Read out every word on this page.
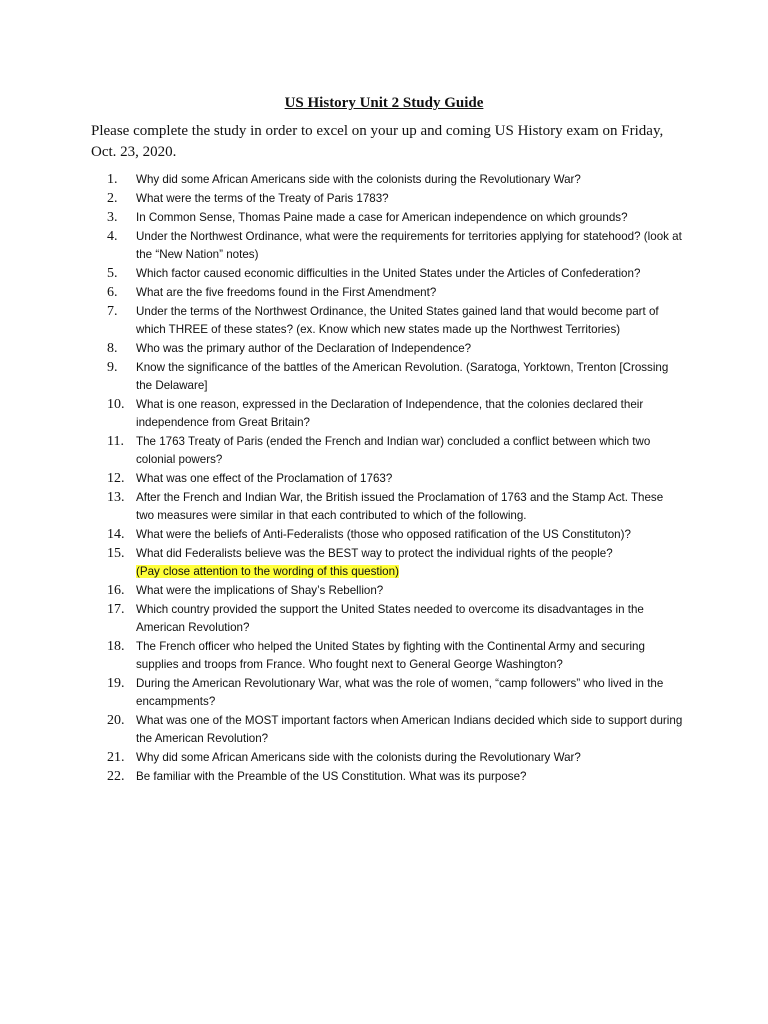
US History Unit 2 Study Guide
Please complete the study in order to excel on your up and coming US History exam on Friday, Oct. 23, 2020.
1.	Why did some African Americans side with the colonists during the Revolutionary War?
2.	What were the terms of the Treaty of Paris 1783?
3.	In Common Sense, Thomas Paine made a case for American independence on which grounds?
4.	Under the Northwest Ordinance, what were the requirements for territories applying for statehood? (look at the “New Nation” notes)
5.	Which factor caused economic difficulties in the United States under the Articles of Confederation?
6.	What are the five freedoms found in the First Amendment?
7.	Under the terms of the Northwest Ordinance, the United States gained land that would become part of which THREE of these states? (ex. Know which new states made up the Northwest Territories)
8.	Who was the primary author of the Declaration of Independence?
9.	Know the significance of the battles of the American Revolution. (Saratoga, Yorktown, Trenton [Crossing the Delaware]
10. What is one reason, expressed in the Declaration of Independence, that the colonies declared their independence from Great Britain?
11.	The 1763 Treaty of Paris (ended the French and Indian war) concluded a conflict between which two colonial powers?
12. What was one effect of the Proclamation of 1763?
13. After the French and Indian War, the British issued the Proclamation of 1763 and the Stamp Act. These two measures were similar in that each contributed to which of the following.
14. What were the beliefs of Anti-Federalists (those who opposed ratification of the US Constituton)?
15. What did Federalists believe was the BEST way to protect the individual rights of the people?
(Pay close attention to the wording of this question)
16. What were the implications of Shay’s Rebellion?
17. Which country provided the support the United States needed to overcome its disadvantages in the American Revolution?
18. The French officer who helped the United States by fighting with the Continental Army and securing supplies and troops from France. Who fought next to General George Washington?
19. During the American Revolutionary War, what was the role of women, “camp followers” who lived in the encampments?
20. What was one of the MOST important factors when American Indians decided which side to support during the American Revolution?
21. Why did some African Americans side with the colonists during the Revolutionary War?
22. Be familiar with the Preamble of the US Constitution. What was its purpose?
